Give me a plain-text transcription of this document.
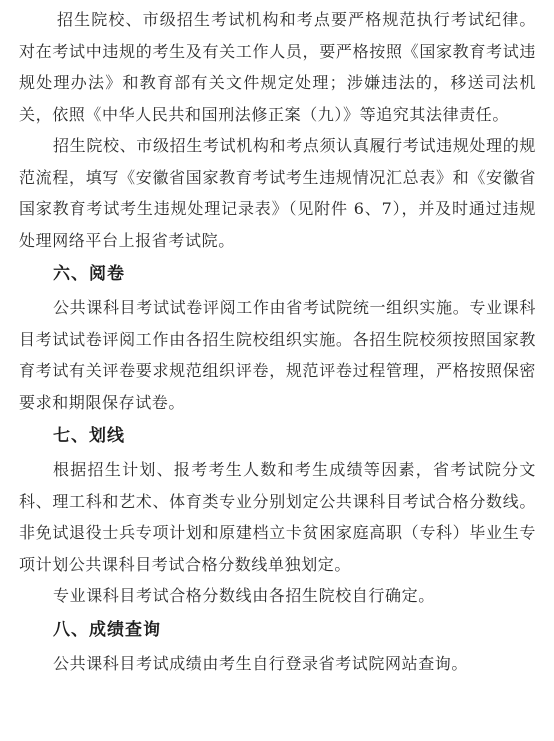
招生院校、市级招生考试机构和考点要严格规范执行考试纪律。对在考试中违规的考生及有关工作人员，要严格按照《国家教育考试违规处理办法》和教育部有关文件规定处理；涉嫌违法的，移送司法机关，依照《中华人民共和国刑法修正案（九）》等追究其法律责任。

招生院校、市级招生考试机构和考点须认真履行考试违规处理的规范流程，填写《安徽省国家教育考试考生违规情况汇总表》和《安徽省国家教育考试考生违规处理记录表》（见附件 6、7），并及时通过违规处理网络平台上报省考试院。

六、阅卷

公共课科目考试试卷评阅工作由省考试院统一组织实施。专业课科目考试试卷评阅工作由各招生院校组织实施。各招生院校须按照国家教育考试有关评卷要求规范组织评卷，规范评卷过程管理，严格按照保密要求和期限保存试卷。

七、划线

根据招生计划、报考考生人数和考生成绩等因素，省考试院分文科、理工科和艺术、体育类专业分别划定公共课科目考试合格分数线。非免试退役士兵专项计划和原建档立卡贫困家庭高职（专科）毕业生专项计划公共课科目考试合格分数线单独划定。

专业课科目考试合格分数线由各招生院校自行确定。

八、成绩查询

公共课科目考试成绩由考生自行登录省考试院网站查询。
